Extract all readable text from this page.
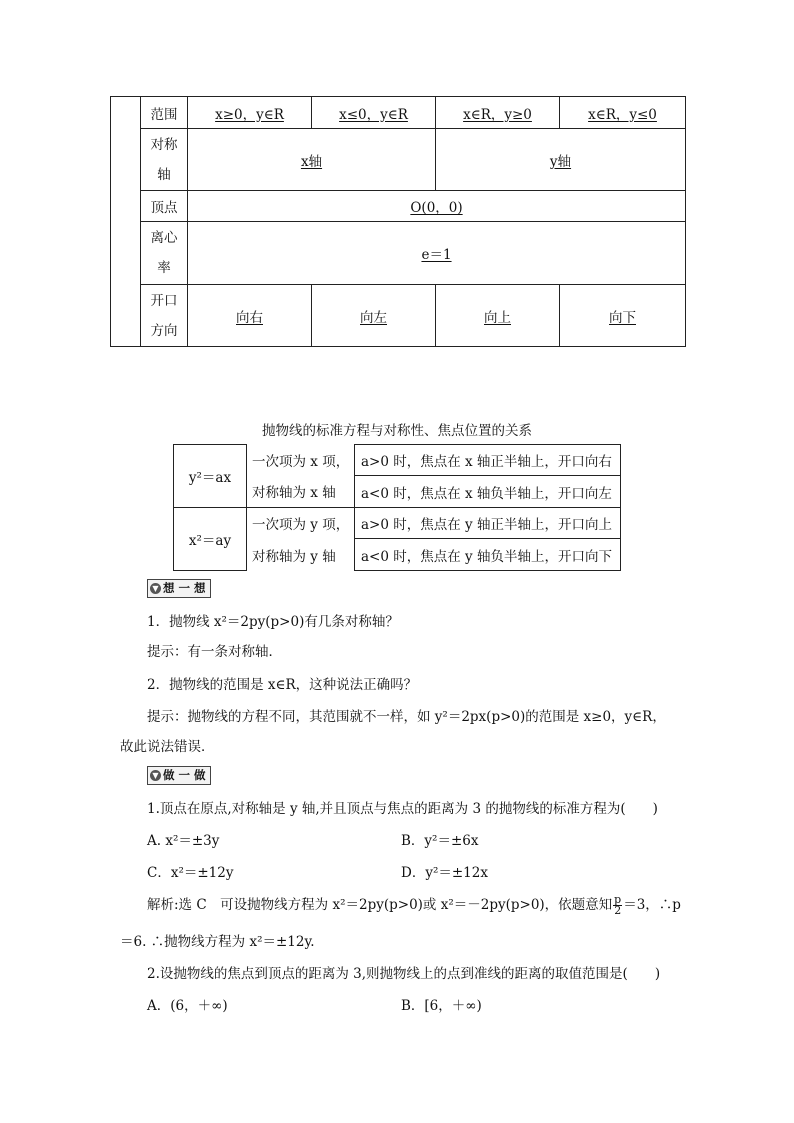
	范围	x≥0，y∈R	x≤0，y∈R	x∈R，y≥0	x∈R，y≤0
	对称
轴	x轴		y轴	
	顶点	O(0，0)			
	离心
率	e＝1			
	开口
方向	向右	向左	向上	向下
抛物线的标准方程与对称性、焦点位置的关系
y²＝ax	一次项为 x 项，	a>0 时，焦点在 x 轴正半轴上，开口向右
	对称轴为 x 轴	a<0 时，焦点在 x 轴负半轴上，开口向左
x²＝ay	一次项为 y 项，	a>0 时，焦点在 y 轴正半轴上，开口向上
	对称轴为 y 轴	a<0 时，焦点在 y 轴负半轴上，开口向下
▼ 想 一 想
1．抛物线 x²＝2py(p>0)有几条对称轴？
提示：有一条对称轴．
2．抛物线的范围是 x∈R，这种说法正确吗？
提示：抛物线的方程不同，其范围就不一样，如 y²＝2px(p>0)的范围是 x≥0，y∈R，
故此说法错误．
▼ 做 一 做
1.顶点在原点,对称轴是 y 轴,并且顶点与焦点的距离为 3 的抛物线的标准方程为(　　)
A. x²＝±3y	B．y²＝±6x
C．x²＝±12y	D．y²＝±12x
解析:选 C　可设抛物线方程为 x²＝2py(p>0)或 x²＝－2py(p>0)，依题意知 $\frac{p}{2} =3$，∴p
＝6. ∴抛物线方程为 x²＝±12y.
2.设抛物线的焦点到顶点的距离为 3,则抛物线上的点到准线的距离的取值范围是(　　)
A．(6，＋∞)	B．[6，＋∞)
